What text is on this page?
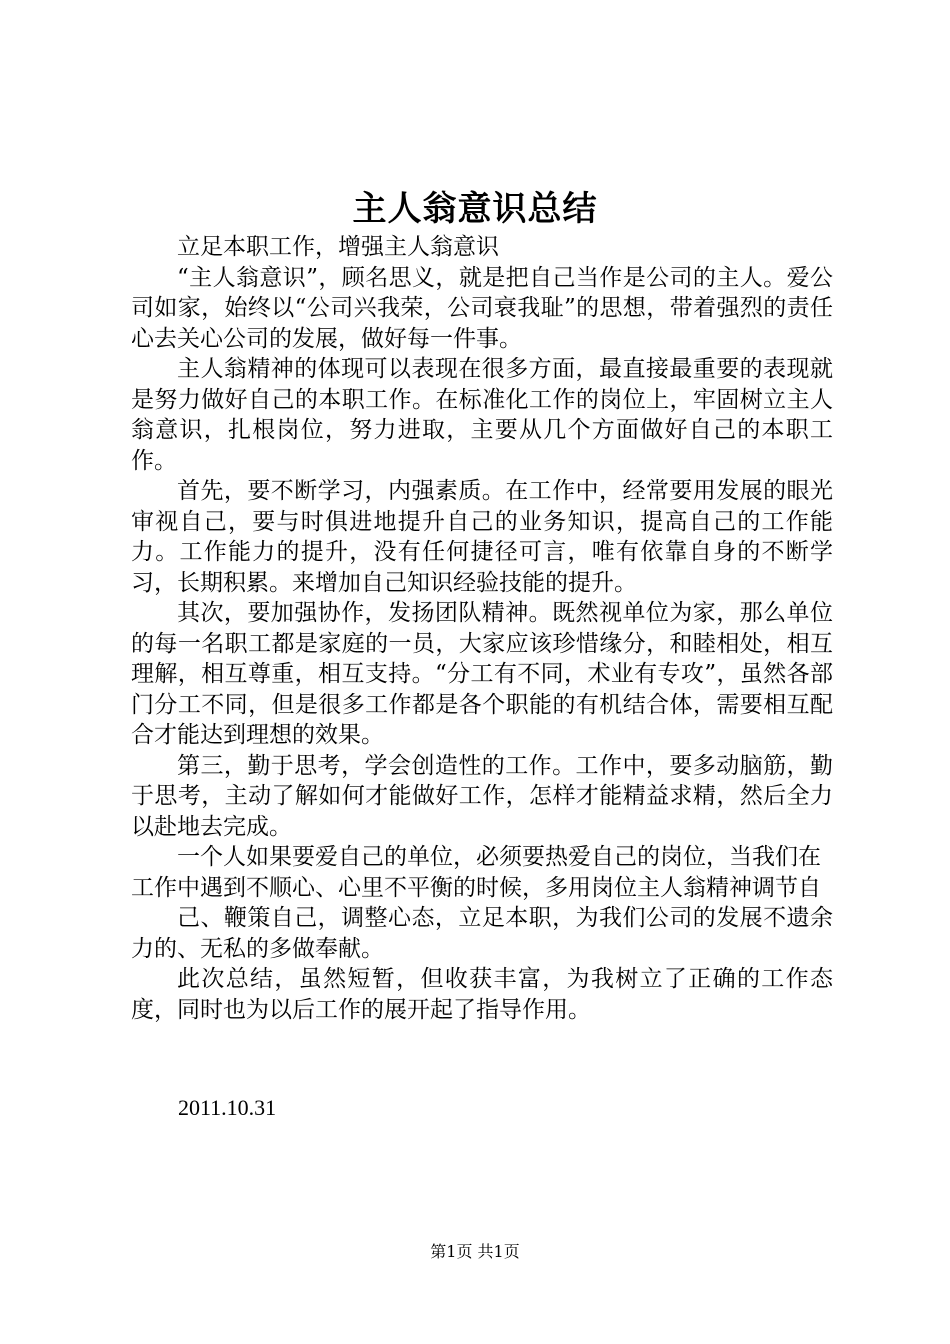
主人翁意识总结

立足本职工作，增强主人翁意识

“主人翁意识”，顾名思义，就是把自己当作是公司的主人。爱公司如家，始终以“公司兴我荣，公司衰我耻”的思想，带着强烈的责任心去关心公司的发展，做好每一件事。

主人翁精神的体现可以表现在很多方面，最直接最重要的表现就是努力做好自己的本职工作。在标准化工作的岗位上，牢固树立主人翁意识，扎根岗位，努力进取，主要从几个方面做好自己的本职工作。

首先，要不断学习，内强素质。在工作中，经常要用发展的眼光审视自己，要与时俱进地提升自己的业务知识，提高自己的工作能力。工作能力的提升，没有任何捷径可言，唯有依靠自身的不断学习，长期积累。来增加自己知识经验技能的提升。

其次，要加强协作，发扬团队精神。既然视单位为家，那么单位的每一名职工都是家庭的一员，大家应该珍惜缘分，和睦相处，相互理解，相互尊重，相互支持。“分工有不同，术业有专攻”，虽然各部门分工不同，但是很多工作都是各个职能的有机结合体，需要相互配合才能达到理想的效果。

第三，勤于思考，学会创造性的工作。工作中，要多动脑筋，勤于思考，主动了解如何才能做好工作，怎样才能精益求精，然后全力以赴地去完成。

一个人如果要爱自己的单位，必须要热爱自己的岗位，当我们在工作中遇到不顺心、心里不平衡的时候，多用岗位主人翁精神调节自

己、鞭策自己，调整心态，立足本职，为我们公司的发展不遗余力的、无私的多做奉献。

此次总结，虽然短暂，但收获丰富，为我树立了正确的工作态度，同时也为以后工作的展开起了指导作用。

2011.10.31
第1页 共1页
